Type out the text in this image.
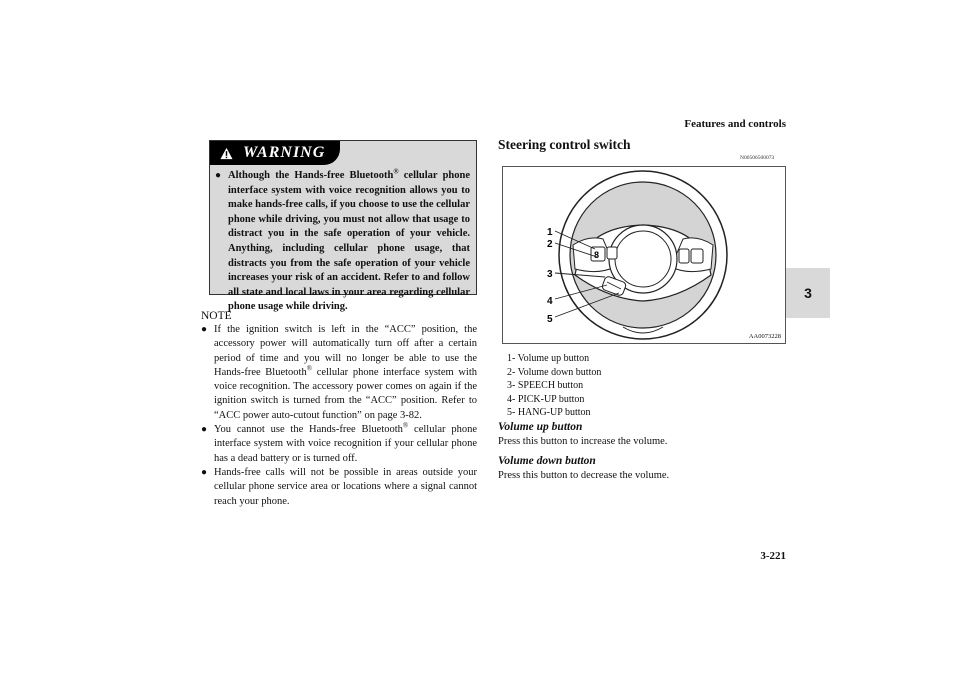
Features and controls
3
3-221
WARNING
● Although the Hands-free Bluetooth® cellular phone interface system with voice recognition allows you to make hands-free calls, if you choose to use the cellular phone while driving, you must not allow that usage to distract you in the safe operation of your vehicle. Anything, including cellular phone usage, that distracts you from the safe operation of your vehicle increases your risk of an accident. Refer to and follow all state and local laws in your area regarding cellular phone usage while driving.
NOTE
● If the ignition switch is left in the “ACC” position, the accessory power will automatically turn off after a certain period of time and you will no longer be able to use the Hands-free Bluetooth® cellular phone interface system with voice recognition. The accessory power comes on again if the ignition switch is turned from the “ACC” position. Refer to “ACC power auto-cutout function” on page 3-82.
● You cannot use the Hands-free Bluetooth® cellular phone interface system with voice recognition if your cellular phone has a dead battery or is turned off.
● Hands-free calls will not be possible in areas outside your cellular phone service area or locations where a signal cannot reach your phone.
Steering control switch
N00506500073
8
1
2
3
4
5
AA0073228
1- Volume up button
2- Volume down button
3- SPEECH button
4- PICK-UP button
5- HANG-UP button
Volume up button
Press this button to increase the volume.
Volume down button
Press this button to decrease the volume.
